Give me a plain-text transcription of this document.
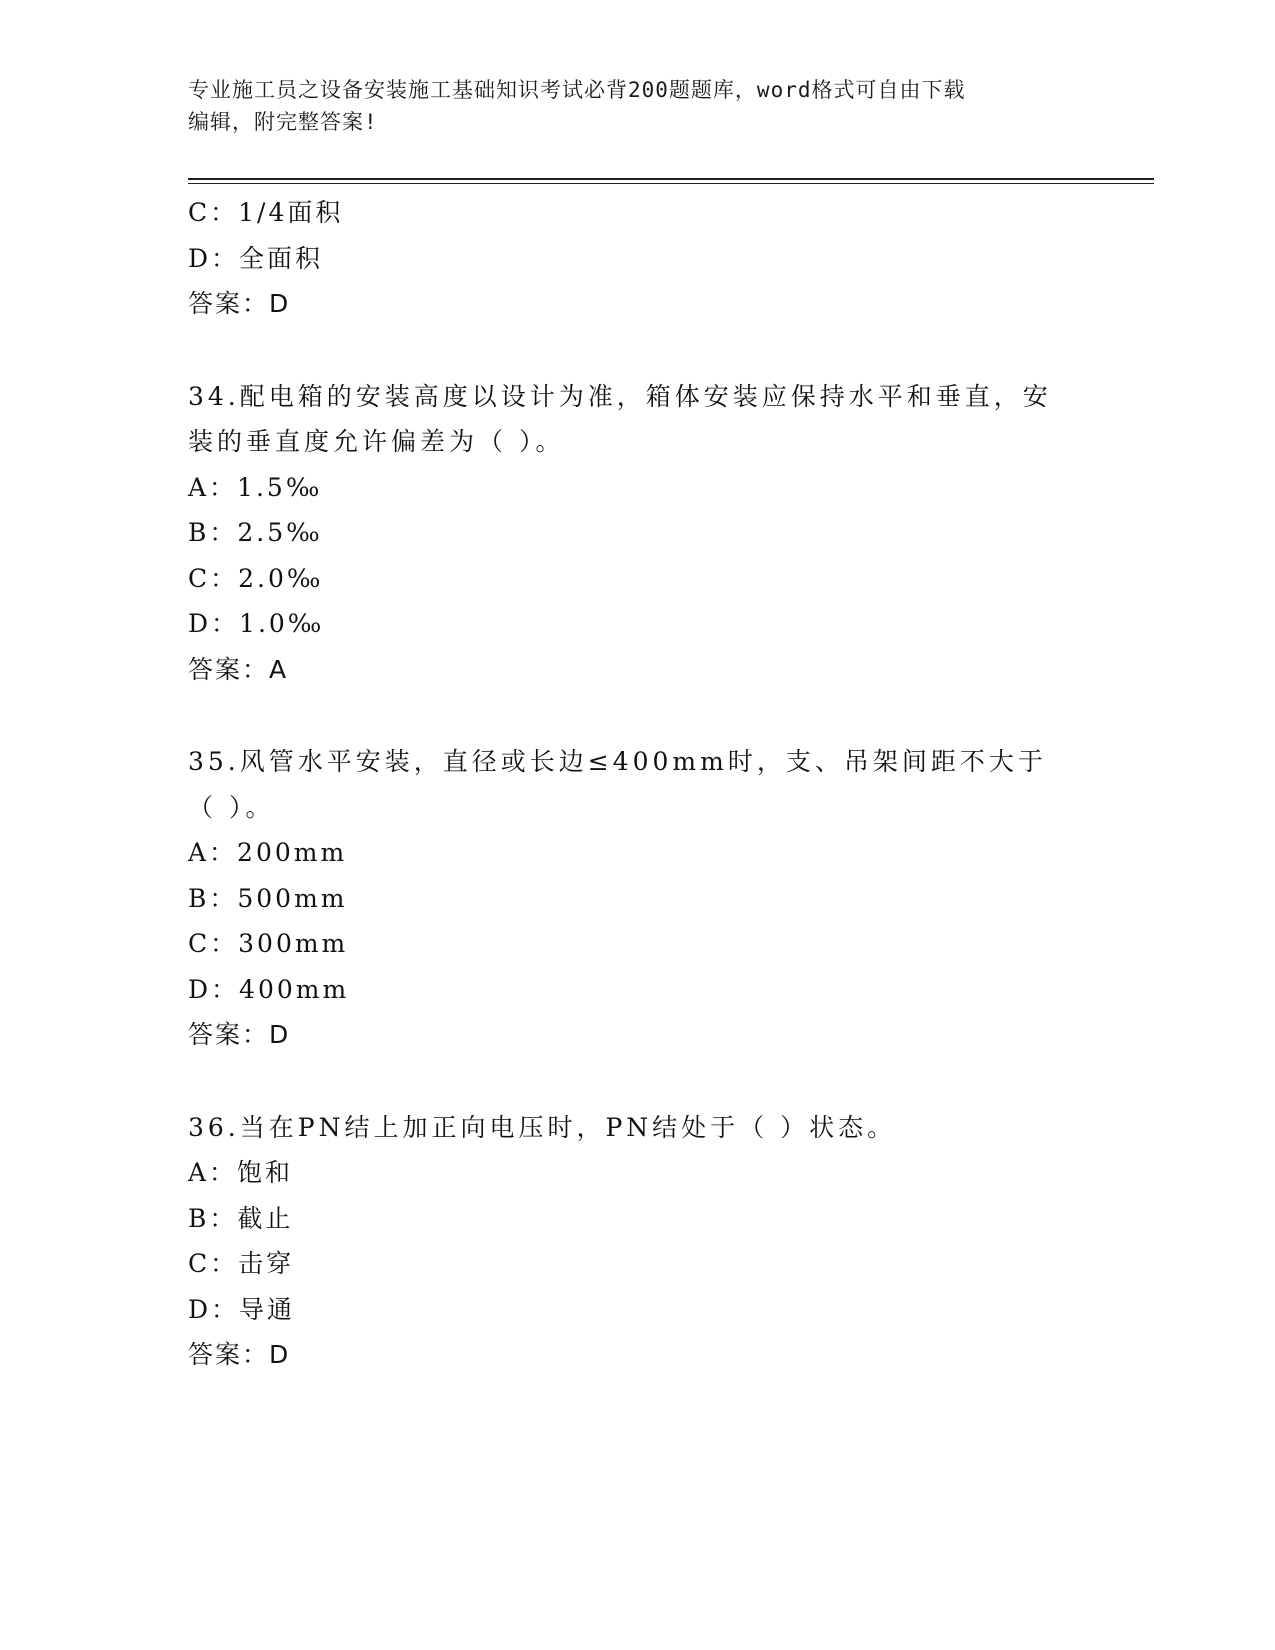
专业施工员之设备安装施工基础知识考试必背200题题库，word格式可自由下载
编辑，附完整答案!
C：1/4面积
D：全面积
答案：D
34.配电箱的安装高度以设计为准，箱体安装应保持水平和垂直，安装的垂直度允许偏差为（ ）。
A：1.5‰
B：2.5‰
C：2.0‰
D：1.0‰
答案：A
35.风管水平安装，直径或长边≤400mm时，支、吊架间距不大于（ ）。
A：200mm
B：500mm
C：300mm
D：400mm
答案：D
36.当在PN结上加正向电压时，PN结处于（ ）状态。
A：饱和
B：截止
C：击穿
D：导通
答案：D
